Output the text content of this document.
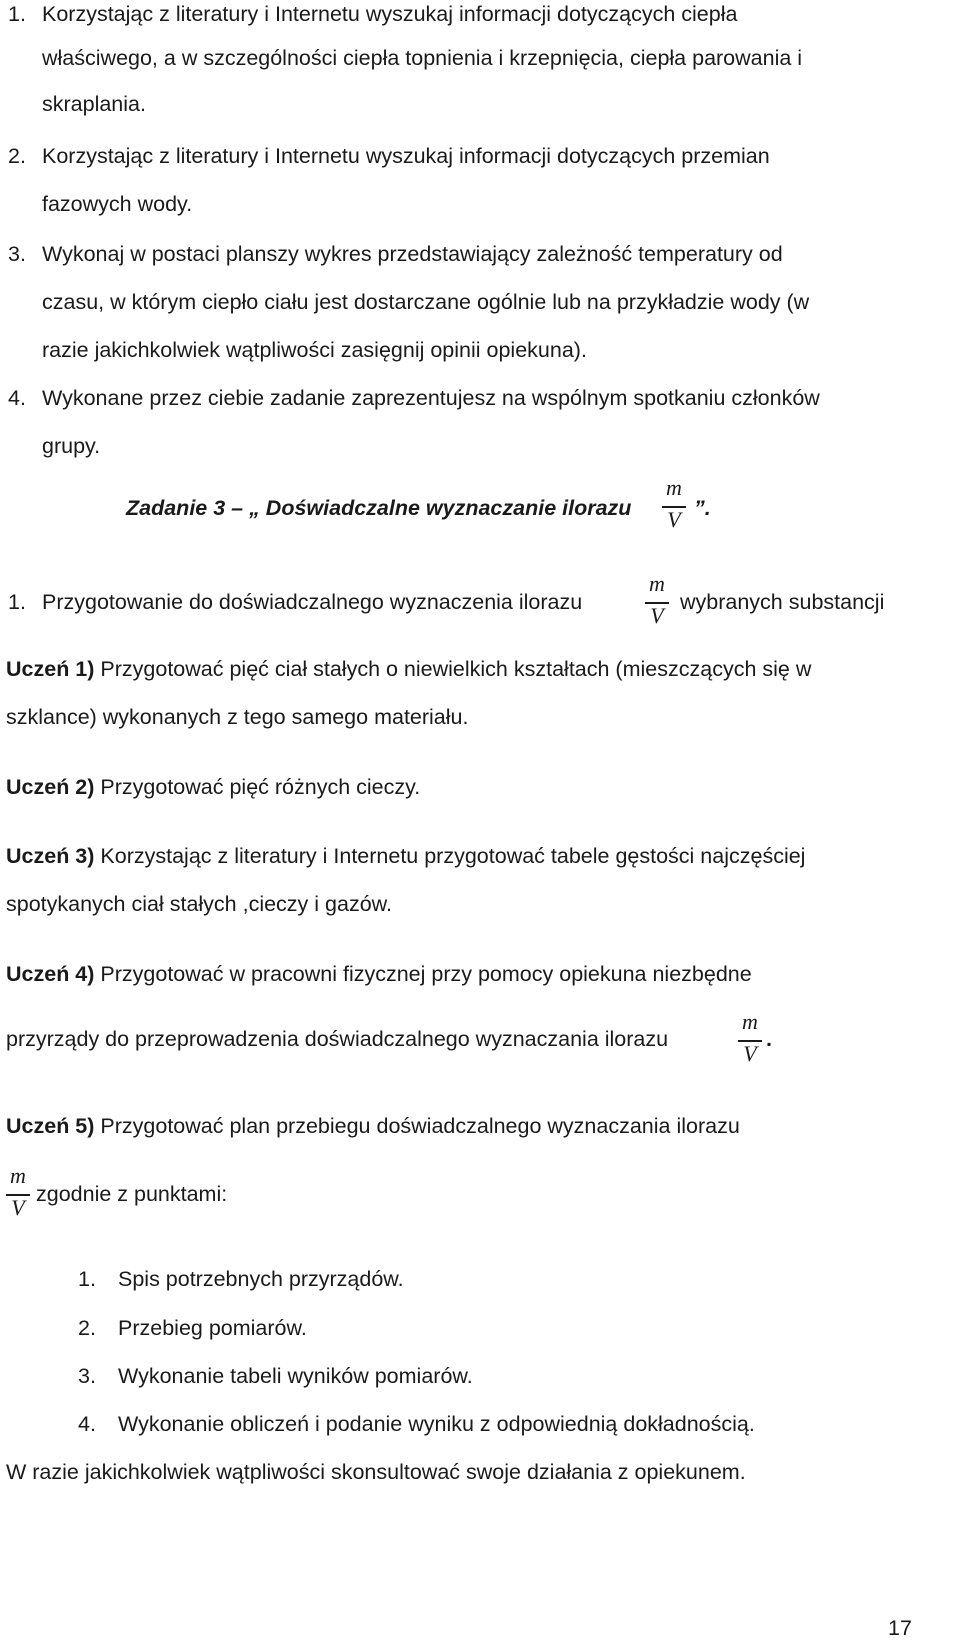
1. Korzystając z literatury i Internetu wyszukaj informacji dotyczących ciepła
właściwego, a w szczególności ciepła topnienia i krzepnięcia, ciepła parowania i
skraplania.
2. Korzystając z literatury i Internetu wyszukaj informacji dotyczących przemian
fazowych wody.
3. Wykonaj w postaci planszy wykres przedstawiający zależność temperatury od
czasu, w którym ciepło ciału jest dostarczane ogólnie lub na przykładzie wody (w
razie jakichkolwiek wątpliwości zasięgnij opinii opiekuna).
4. Wykonane przez ciebie zadanie zaprezentujesz na wspólnym spotkaniu członków
grupy.
Zadanie 3 – „ Doświadczalne wyznaczanie ilorazu
m
V ”.
1. Przygotowanie do doświadczalnego wyznaczenia ilorazu
m
V
wybranych substancji
Uczeń 1) Przygotować pięć ciał stałych o niewielkich kształtach (mieszczących się w
szklance) wykonanych z tego samego materiału.
Uczeń 2) Przygotować pięć różnych cieczy.
Uczeń 3) Korzystając z literatury i Internetu przygotować tabele gęstości najczęściej
spotykanych ciał stałych ,cieczy i gazów.
Uczeń 4) Przygotować w pracowni fizycznej przy pomocy opiekuna niezbędne
przyrządy do przeprowadzenia doświadczalnego wyznaczania ilorazu
m
V
.
Uczeń 5) Przygotować plan przebiegu doświadczalnego wyznaczania ilorazu
m
V
zgodnie z punktami:
1. Spis potrzebnych przyrządów.
2. Przebieg pomiarów.
3. Wykonanie tabeli wyników pomiarów.
4. Wykonanie obliczeń i podanie wyniku z odpowiednią dokładnością.
W razie jakichkolwiek wątpliwości skonsultować swoje działania z opiekunem.
17
